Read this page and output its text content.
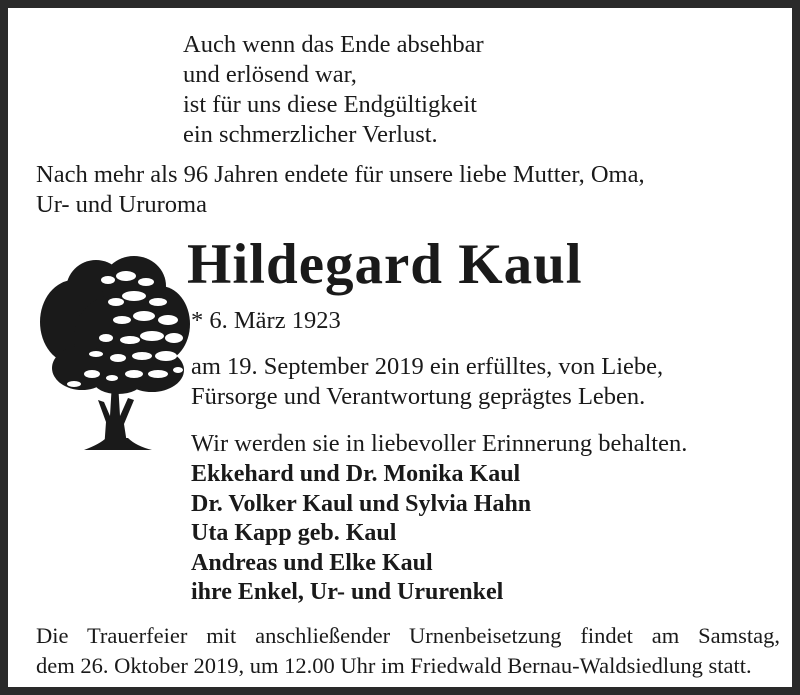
Auch wenn das Ende absehbar
und erlösend war,
ist für uns diese Endgültigkeit
ein schmerzlicher Verlust.
Nach mehr als 96 Jahren endete für unsere liebe Mutter, Oma,
Ur- und Ururoma
Hildegard Kaul
* 6. März 1923
am 19. September 2019 ein erfülltes, von Liebe,
Fürsorge und Verantwortung geprägtes Leben.
Wir werden sie in liebevoller Erinnerung behalten.
Ekkehard und Dr. Monika Kaul
Dr. Volker Kaul und Sylvia Hahn
Uta Kapp geb. Kaul
Andreas und Elke Kaul
ihre Enkel, Ur- und Ururenkel
Die Trauerfeier mit anschließender Urnenbeisetzung findet am Samstag,
dem 26. Oktober 2019, um 12.00 Uhr im Friedwald Bernau-Waldsiedlung statt.
